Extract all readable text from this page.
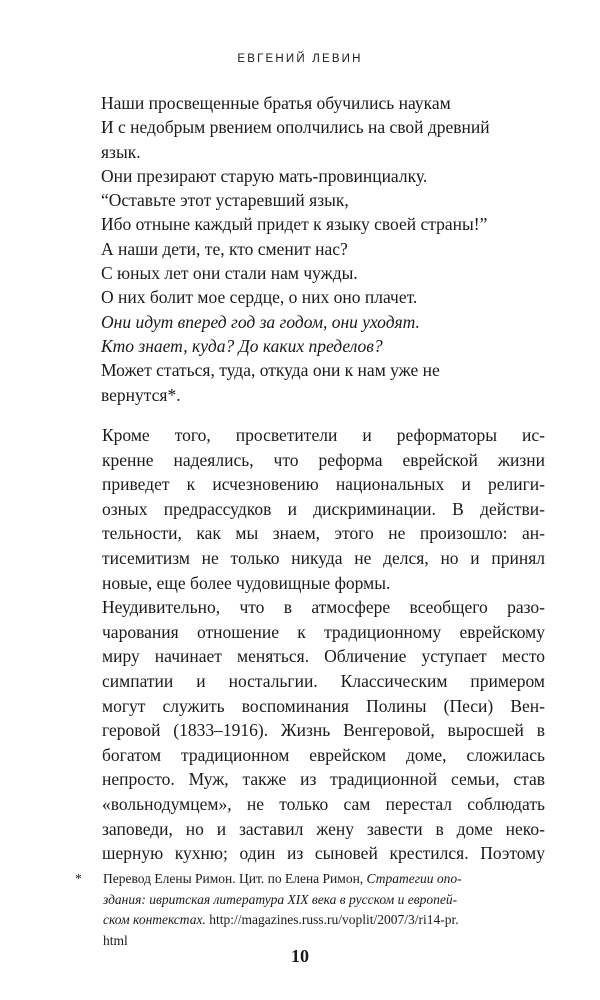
ЕВГЕНИЙ ЛЕВИН
Наши просвещенные братья обучились наукам
И с недобрым рвением ополчились на свой древний
язык.
Они презирают старую мать-провинциалку.
“Оставьте этот устаревший язык,
Ибо отныне каждый придет к языку своей страны!”
А наши дети, те, кто сменит нас?
С юных лет они стали нам чужды.
О них болит мое сердце, о них оно плачет.
Они идут вперед год за годом, они уходят.
Кто знает, куда? До каких пределов?
Может статься, туда, откуда они к нам уже не
вернутся*.

Кроме того, просветители и реформаторы ис-
кренне надеялись, что реформа еврейской жизни
приведет к исчезновению национальных и религи-
озных предрассудков и дискриминации. В действи-
тельности, как мы знаем, этого не произошло: ан-
тисемитизм не только никуда не делся, но и принял
новые, еще более чудовищные формы.

Неудивительно, что в атмосфере всеобщего разо-
чарования отношение к традиционному еврейскому
миру начинает меняться. Обличение уступает место
симпатии и ностальгии. Классическим примером
могут служить воспоминания Полины (Песи) Вен-
геровой (1833–1916). Жизнь Венгеровой, выросшей в
богатом традиционном еврейском доме, сложилась
непросто. Муж, также из традиционной семьи, став
«вольнодумцем», не только сам перестал соблюдать
заповеди, но и заставил жену завести в доме неко-
шерную кухню; один из сыновей крестился. Поэтому

* Перевод Елены Римон. Цит. по Елена Римон, Стратегии опо-
здания: ивритская литература XIX века в русском и европей-
ском контекстах. http://magazines.russ.ru/voplit/2007/3/ri14-pr.
html
10
